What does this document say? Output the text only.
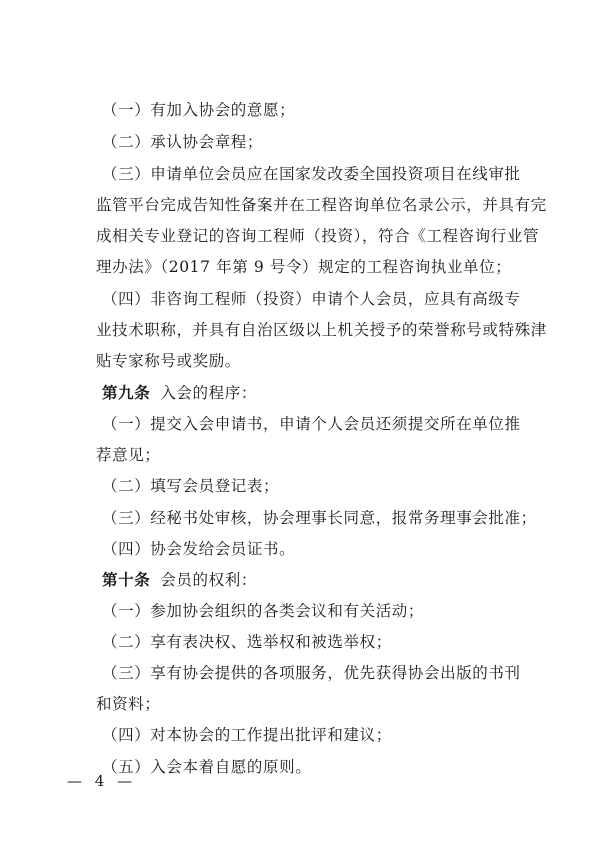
（一）有加入协会的意愿；
（二）承认协会章程；
（三）申请单位会员应在国家发改委全国投资项目在线审批
监管平台完成告知性备案并在工程咨询单位名录公示，并具有完
成相关专业登记的咨询工程师（投资），符合《工程咨询行业管
理办法》（2017 年第 9 号令）规定的工程咨询执业单位；
（四）非咨询工程师（投资）申请个人会员，应具有高级专
业技术职称，并具有自治区级以上机关授予的荣誉称号或特殊津
贴专家称号或奖励。
第九条 入会的程序：
（一）提交入会申请书，申请个人会员还须提交所在单位推
荐意见；
（二）填写会员登记表；
（三）经秘书处审核，协会理事长同意，报常务理事会批准；
（四）协会发给会员证书。
第十条 会员的权利：
（一）参加协会组织的各类会议和有关活动；
（二）享有表决权、选举权和被选举权；
（三）享有协会提供的各项服务，优先获得协会出版的书刊
和资料；
（四）对本协会的工作提出批评和建议；
（五）入会本着自愿的原则。
— 4 —
